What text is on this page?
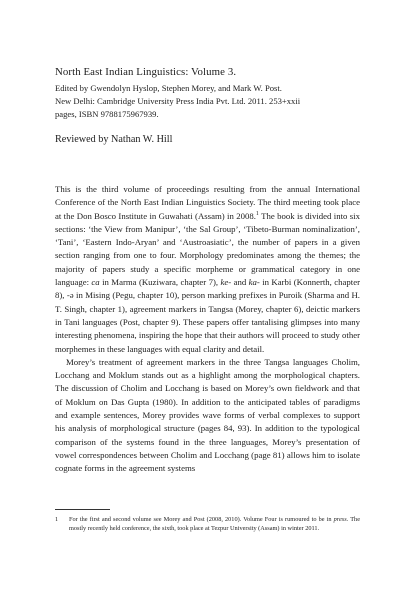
North East Indian Linguistics: Volume 3.
Edited by Gwendolyn Hyslop, Stephen Morey, and Mark W. Post.
New Delhi: Cambridge University Press India Pvt. Ltd. 2011. 253+xxii
pages, ISBN 9788175967939.
Reviewed by Nathan W. Hill

This is the third volume of proceedings resulting from the annual International Conference of the North East Indian Linguistics Society. The third meeting took place at the Don Bosco Institute in Guwahati (Assam) in 2008.$^1$ The book is divided into six sections: ‘the View from Manipur’, ‘the Sal Group’, ‘Tibeto-Burman nominalization’, ‘Tani’, ‘Eastern Indo-Aryan’ and ‘Austroasiatic’, the number of papers in a given section ranging from one to four. Morphology predominates among the themes; the majority of papers study a specific morpheme or grammatical category in one language: ca in Marma (Kuziwara, chapter 7), ke- and ka- in Karbi (Konnerth, chapter 8), -ə in Mising (Pegu, chapter 10), person marking prefixes in Puroik (Sharma and H. T. Singh, chapter 1), agreement markers in Tangsa (Morey, chapter 6), deictic markers in Tani languages (Post, chapter 9). These papers offer tantalising glimpses into many interesting phenomena, inspiring the hope that their authors will proceed to study other morphemes in these languages with equal clarity and detail.

Morey’s treatment of agreement markers in the three Tangsa languages Cholim, Locchang and Moklum stands out as a highlight among the morphological chapters. The discussion of Cholim and Locchang is based on Morey’s own fieldwork and that of Moklum on Das Gupta (1980). In addition to the anticipated tables of paradigms and example sentences, Morey provides wave forms of verbal complexes to support his analysis of morphological structure (pages 84, 93). In addition to the typological comparison of the systems found in the three languages, Morey’s presentation of vowel correspondences between Cholim and Locchang (page 81) allows him to isolate cognate forms in the agreement systems

1	For the first and second volume see Morey and Post (2008, 2010). Volume Four is rumoured to be in press. The mostly recently held conference, the sixth, took place at Tezpur University (Assam) in winter 2011.
